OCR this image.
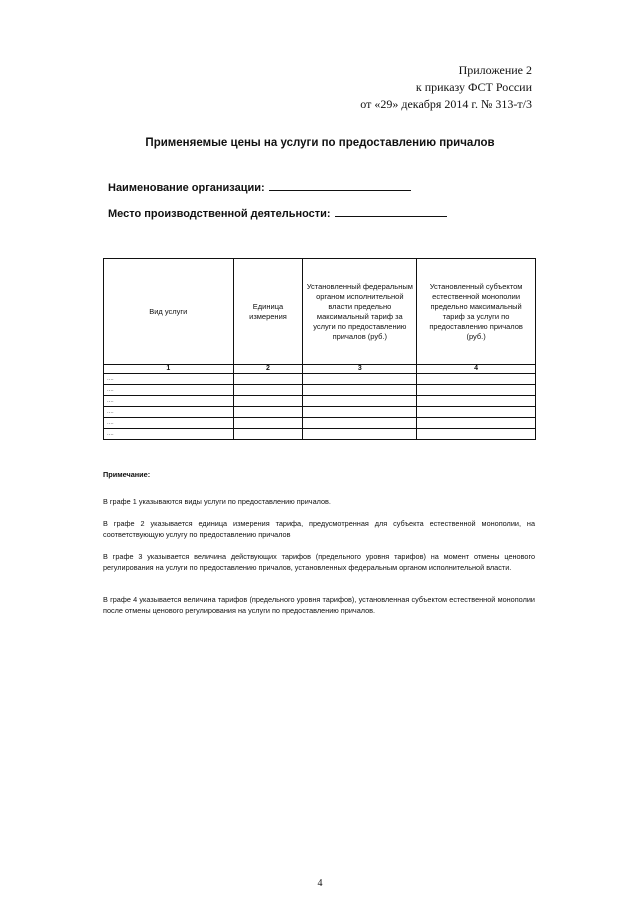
Приложение 2
к приказу ФСТ России
от «29» декабря 2014 г. № 313-т/3
Применяемые цены на услуги по предоставлению причалов
Наименование организации:
Место производственной деятельности:
Вид услуги	Единица измерения	Установленный федеральным органом исполнительной власти предельно максимальный тариф за услуги по предоставлению причалов (руб.)	Установленный субъектом естественной монополии предельно максимальный тариф за услуги по предоставлению причалов (руб.)
1	2	3	4
....			
....			
....			
....			
....			
....			
Примечание:
В графе 1 указываются виды услуги по предоставлению причалов.
В графе 2 указывается единица измерения тарифа, предусмотренная для субъекта естественной монополии, на соответствующую услугу по предоставлению причалов
В графе 3 указывается величина действующих тарифов (предельного уровня тарифов) на момент отмены ценового регулирования на услуги по предоставлению причалов, установленных федеральным органом исполнительной власти.
В графе 4 указывается величина тарифов (предельного уровня тарифов), установленная субъектом естественной монополии после отмены ценового регулирования на услуги по предоставлению причалов.
4
